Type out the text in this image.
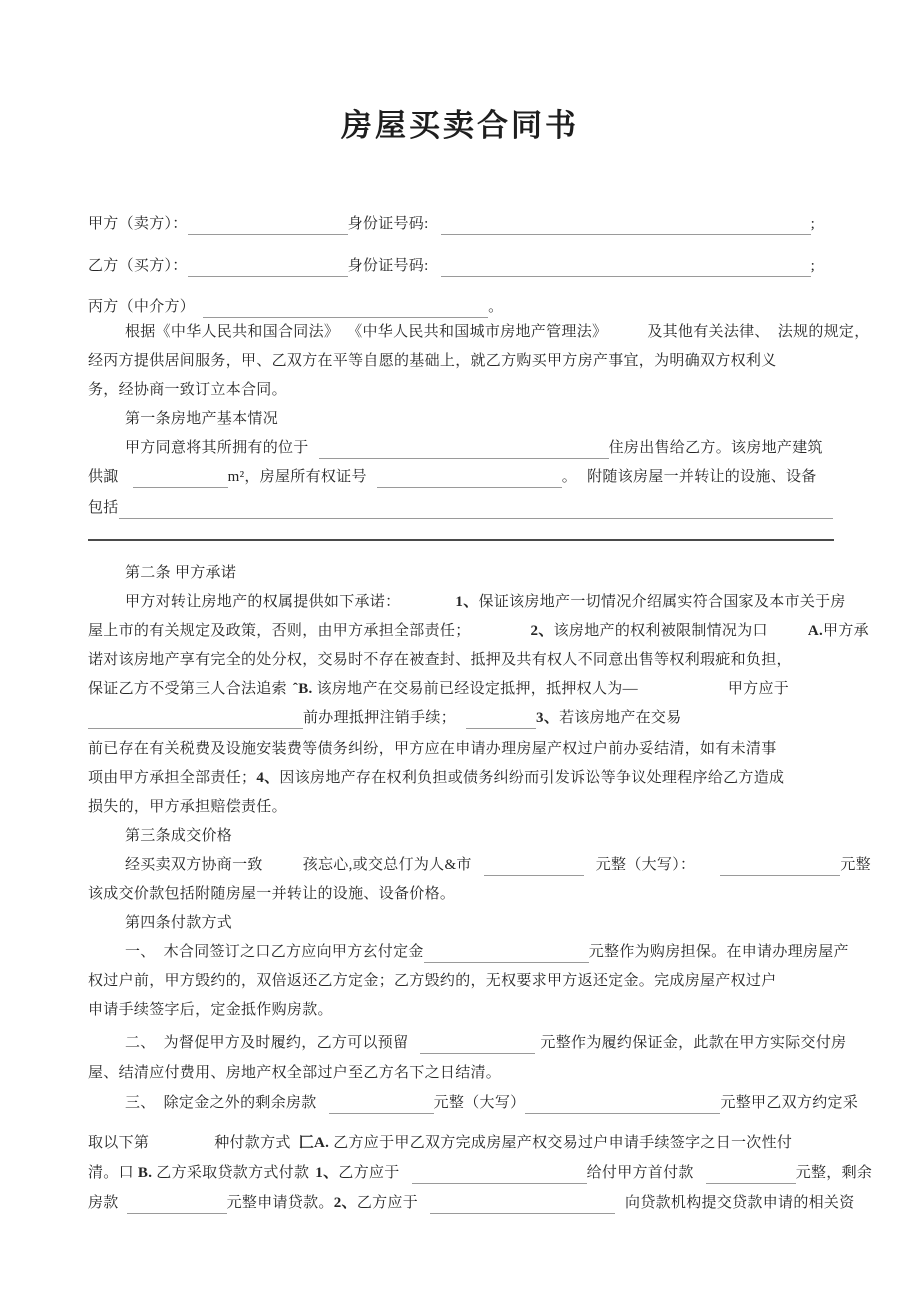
房屋买卖合同书
甲方（卖方）：	身份证号码:	;
乙方（买方）：	身份证号码:	;
丙方（中介方）	。
根据《中华人民共和国合同法》 《中华人民共和国城市房地产管理法》	及其他有关法律、 法规的规定，
经丙方提供居间服务，甲、乙双方在平等自愿的基础上，就乙方购买甲方房产事宜，为明确双方权利义
务，经协商一致订立本合同。
第一条房地产基本情况
甲方同意将其所拥有的位于	住房出售给乙方。该房地产建筑
供諏	m²，房屋所有权证号	。 附随该房屋一并转让的设施、设备
包括
第二条 甲方承诺
甲方对转让房地产的权属提供如下承诺：	1、 保证该房地产一切情况介绍属实符合国家及本市关于房
屋上市的有关规定及政策，否则，由甲方承担全部责任；	2、 该房地产的权利被限制情况为口	A. 甲方承
诺对该房地产享有完全的处分权，交易时不存在被查封、抵押及共有权人不同意出售等权利瑕疵和负担，
保证乙方不受第三人合法追索 ˆB. 该房地产在交易前已经设定抵押，抵押权人为—	甲方应于
前办理抵押注销手续；	3、 若该房地产在交易
前已存在有关税费及设施安装费等债务纠纷，甲方应在申请办理房屋产权过户前办妥结清，如有未清事
项由甲方承担全部责任； 4、 因该房地产存在权利负担或债务纠纷而引发诉讼等争议处理程序给乙方造成
损失的，甲方承担赔偿责任。
第三条成交价格
经买卖双方协商一致	孩忘心,或交总仃为人&市	元整（大写）：	元整
该成交价款包括附随房屋一并转让的设施、设备价格。
第四条付款方式
一、 木合同签订之口乙方应向甲方玄付定金	元整作为购房担保。在申请办理房屋产
权过户前，甲方毁约的，双倍返还乙方定金；乙方毁约的，无权要求甲方返还定金。完成房屋产权过户
申请手续签字后，定金抵作购房款。
二、 为督促甲方及时履约，乙方可以预留	元整作为履约保证金，此款在甲方实际交付房
屋、结清应付费用、房地产权全部过户至乙方名下之日结清。
三、 除定金之外的剩余房款	元整（大写）	元整甲乙双方约定采
取以下第	种付款方式 匚A. 乙方应于甲乙双方完成房屋产权交易过户申请手续签字之日一次性付
清。口 B. 乙方采取贷款方式付款 1、 乙方应于	给付甲方首付款	元整，剩余
房款	元整申请贷款。 2、 乙方应于	向贷款机构提交贷款申请的相关资
